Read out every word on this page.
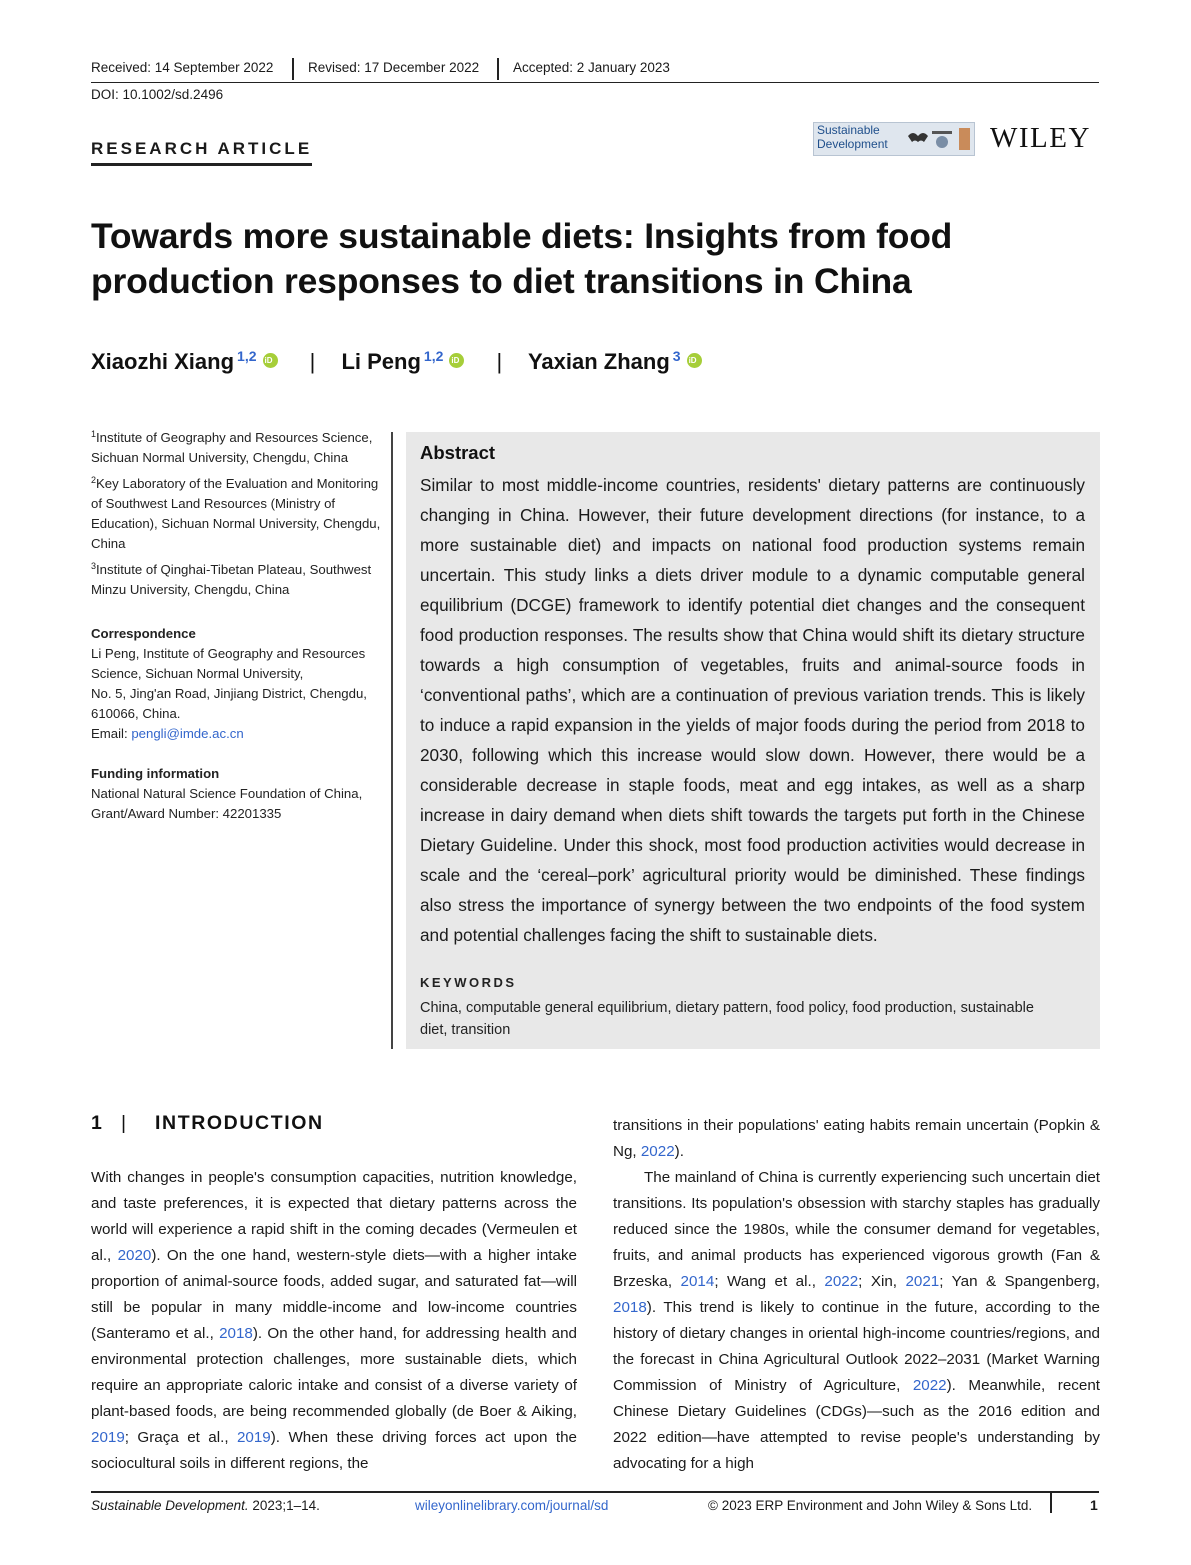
Received: 14 September 2022	Revised: 17 December 2022	Accepted: 2 January 2023
DOI: 10.1002/sd.2496
RESEARCH ARTICLE
Sustainable
Development	WILEY
Towards more sustainable diets: Insights from food production responses to diet transitions in China
Xiaozhi Xiang $^{1,2}$ iD | Li Peng $^{1,2}$ iD | Yaxian Zhang $^3$iD
$^1$Institute of Geography and Resources Science, Sichuan Normal University, Chengdu, China
$^2$Key Laboratory of the Evaluation and Monitoring of Southwest Land Resources (Ministry of Education), Sichuan Normal University, Chengdu, China
$^3$Institute of Qinghai-Tibetan Plateau, Southwest Minzu University, Chengdu, China
Correspondence
Li Peng, Institute of Geography and Resources Science, Sichuan Normal University,
No. 5, Jing'an Road, Jinjiang District, Chengdu, 610066, China.
Email: pengli@imde.ac.cn
Funding information
National Natural Science Foundation of China, Grant/Award Number: 42201335
Abstract
Similar to most middle-income countries, residents' dietary patterns are continuously changing in China. However, their future development directions (for instance, to a more sustainable diet) and impacts on national food production systems remain uncertain. This study links a diets driver module to a dynamic computable general equilibrium (DCGE) framework to identify potential diet changes and the consequent food production responses. The results show that China would shift its dietary structure towards a high consumption of vegetables, fruits and animal-source foods in ‘conventional paths’, which are a continuation of previous variation trends. This is likely to induce a rapid expansion in the yields of major foods during the period from 2018 to 2030, following which this increase would slow down. However, there would be a considerable decrease in staple foods, meat and egg intakes, as well as a sharp increase in dairy demand when diets shift towards the targets put forth in the Chinese Dietary Guideline. Under this shock, most food production activities would decrease in scale and the ‘cereal–pork’ agricultural priority would be diminished. These findings also stress the importance of synergy between the two endpoints of the food system and potential challenges facing the shift to sustainable diets.
KEYWORDS
China, computable general equilibrium, dietary pattern, food policy, food production, sustainable diet, transition
1 | INTRODUCTION
With changes in people's consumption capacities, nutrition knowledge, and taste preferences, it is expected that dietary patterns across the world will experience a rapid shift in the coming decades (Vermeulen et al., 2020). On the one hand, western-style diets—with a higher intake proportion of animal-source foods, added sugar, and saturated fat—will still be popular in many middle-income and low-income countries (Santeramo et al., 2018). On the other hand, for addressing health and environmental protection challenges, more sustainable diets, which require an appropriate caloric intake and consist of a diverse variety of plant-based foods, are being recommended globally (de Boer & Aiking, 2019; Graça et al., 2019). When these driving forces act upon the sociocultural soils in different regions, the
transitions in their populations' eating habits remain uncertain (Popkin & Ng, 2022).
The mainland of China is currently experiencing such uncertain diet transitions. Its population's obsession with starchy staples has gradually reduced since the 1980s, while the consumer demand for vegetables, fruits, and animal products has experienced vigorous growth (Fan & Brzeska, 2014; Wang et al., 2022; Xin, 2021; Yan & Spangenberg, 2018). This trend is likely to continue in the future, according to the history of dietary changes in oriental high-income countries/regions, and the forecast in China Agricultural Outlook 2022–2031 (Market Warning Commission of Ministry of Agriculture, 2022). Meanwhile, recent Chinese Dietary Guidelines (CDGs)—such as the 2016 edition and 2022 edition—have attempted to revise people's understanding by advocating for a high
Sustainable Development. 2023;1–14.	wileyonlinelibrary.com/journal/sd	© 2023 ERP Environment and John Wiley & Sons Ltd.	1
